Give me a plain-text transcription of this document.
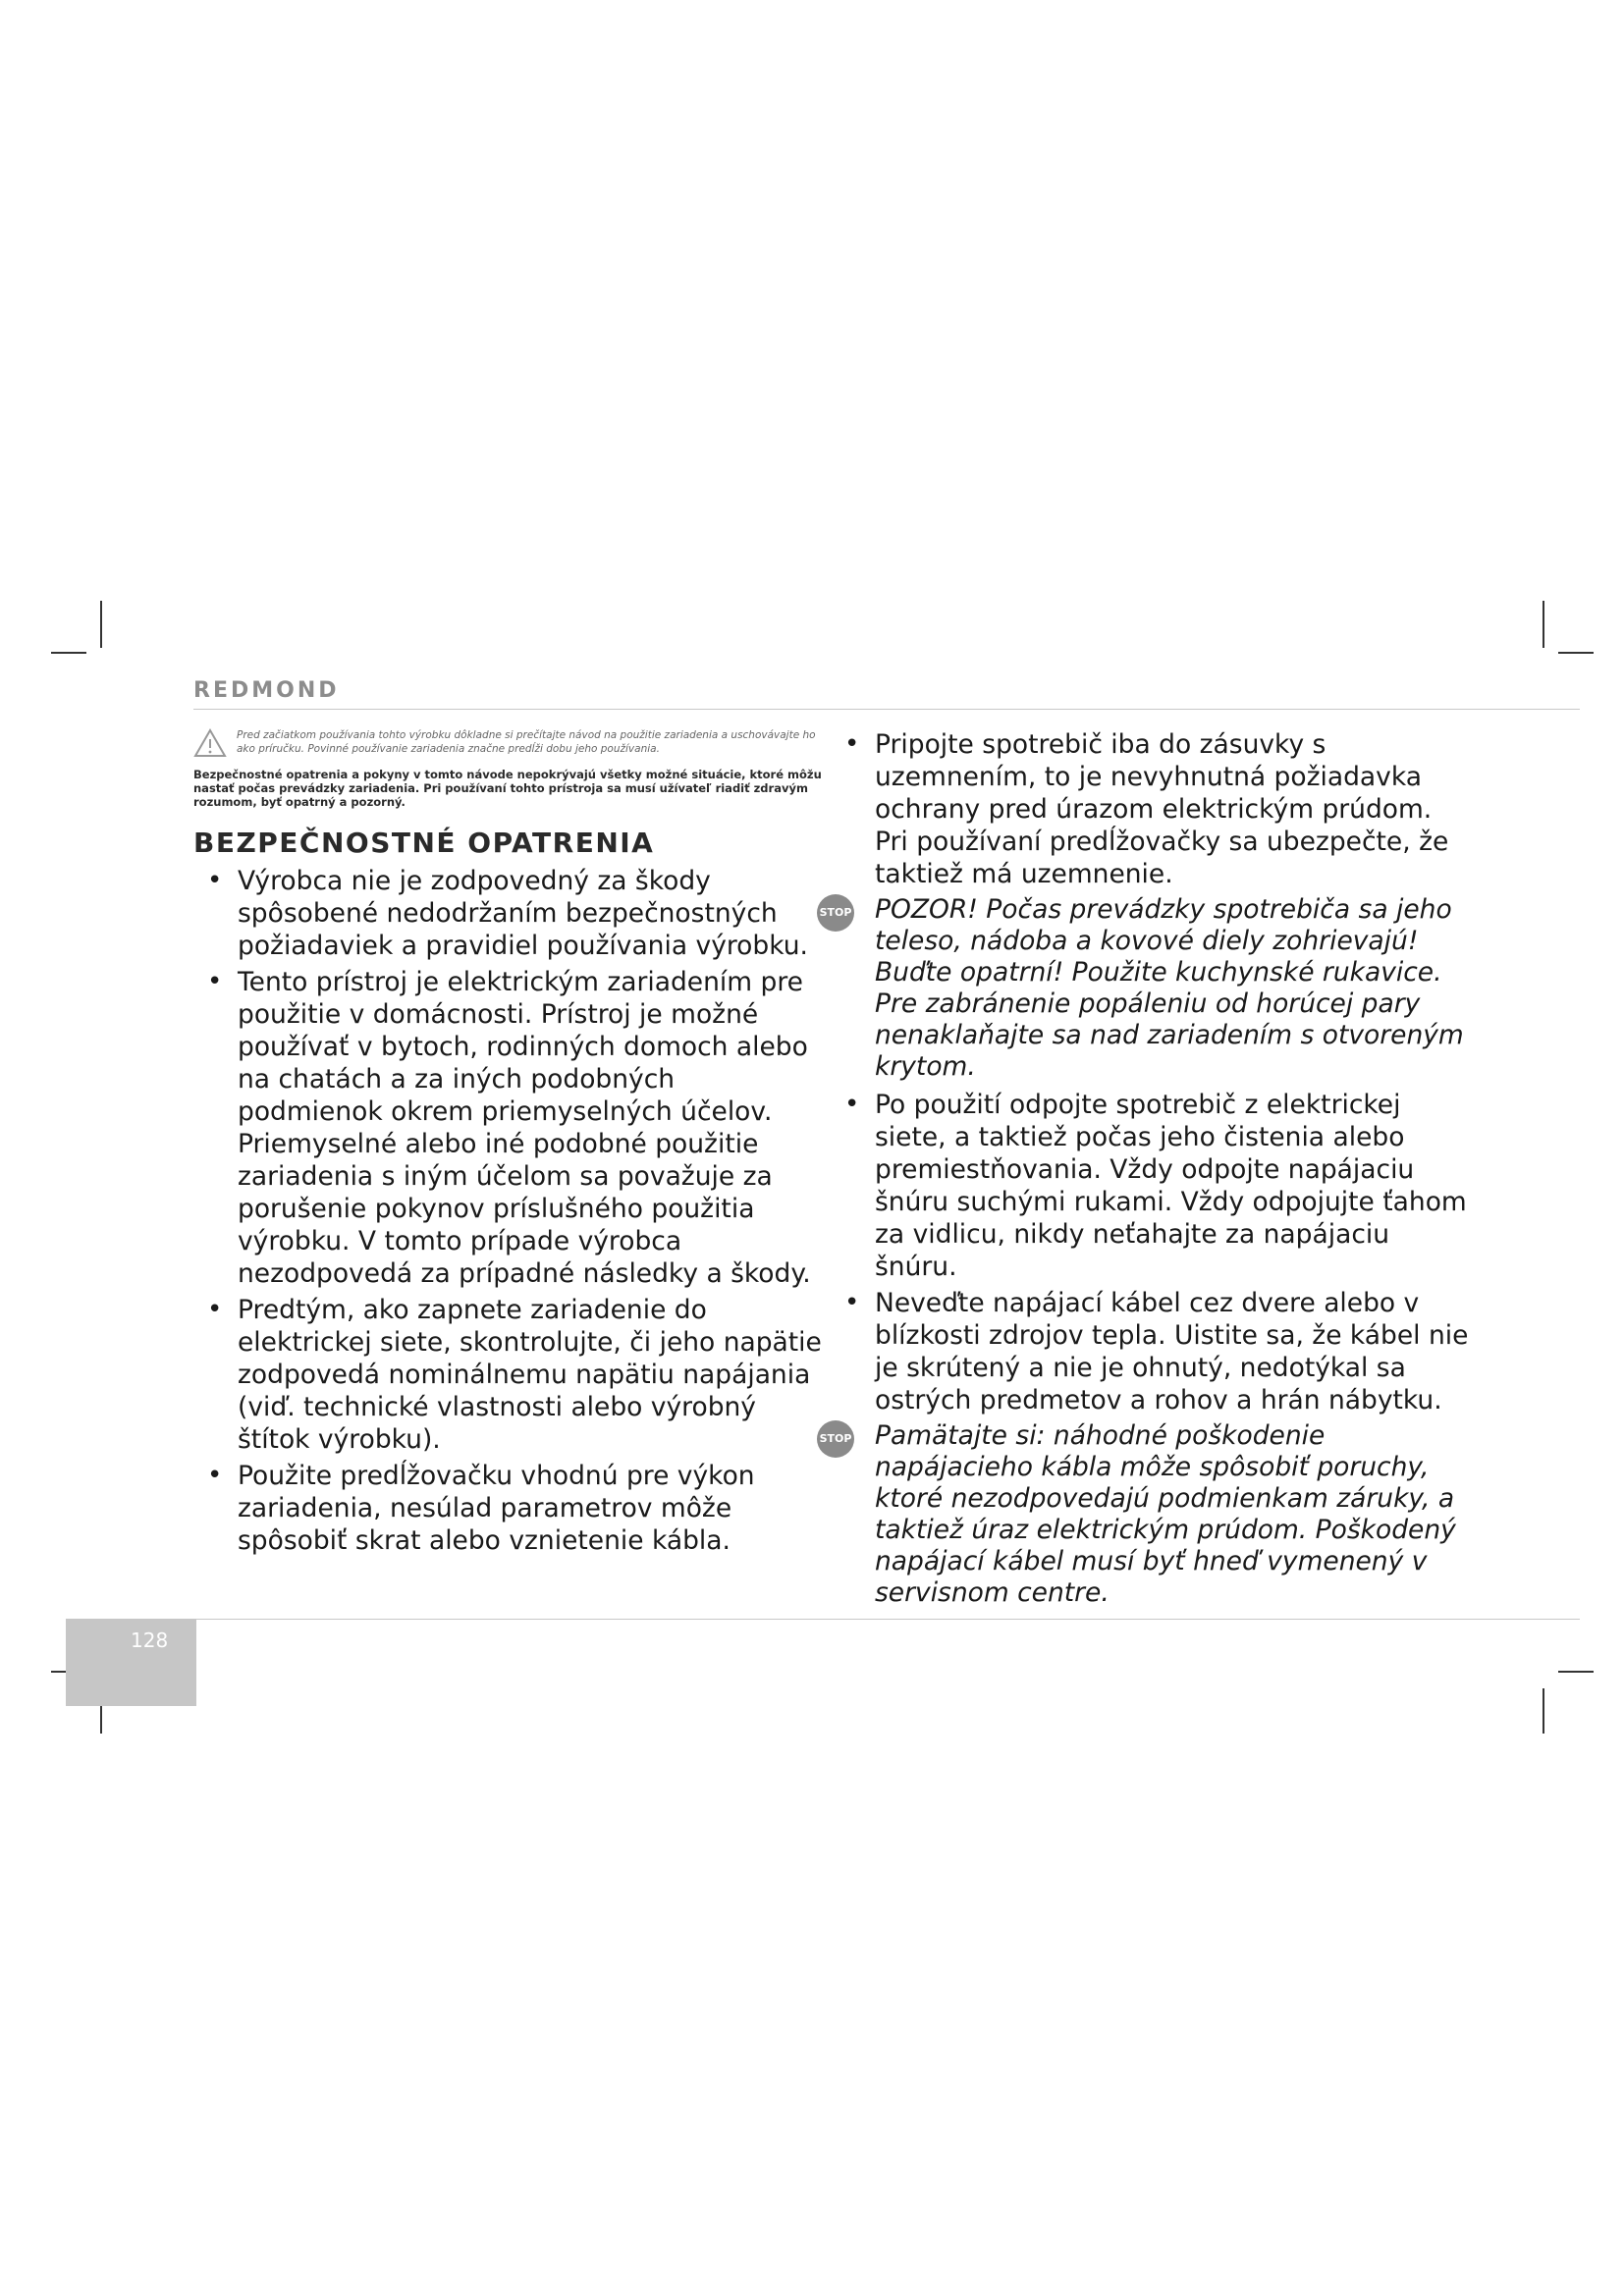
REDMOND
Pred začiatkom používania tohto výrobku dôkladne si prečítajte návod na použitie zariadenia a uschovávajte ho ako príručku. Povinné používanie zariadenia značne predĺži dobu jeho používania.
Bezpečnostné opatrenia a pokyny v tomto návode nepokrývajú všetky možné situácie, ktoré môžu nastať počas prevádzky zariadenia. Pri používaní tohto prístroja sa musí užívateľ riadiť zdravým rozumom, byť opatrný a pozorný.
BEZPEČNOSTNÉ OPATRENIA
• Výrobca nie je zodpovedný za škody spôsobené nedodržaním bezpečnostných požiadaviek a pravidiel používania výrobku.
• Tento prístroj je elektrickým zariadením pre použitie v domácnosti. Prístroj je možné používať v bytoch, rodinných domoch alebo na chatách a za iných podobných podmienok okrem priemyselných účelov. Priemyselné alebo iné podobné použitie zariadenia s iným účelom sa považuje za porušenie pokynov príslušného použitia výrobku. V tomto prípade výrobca nezodpovedá za prípadné následky a škody.
• Predtým, ako zapnete zariadenie do elektrickej siete, skontrolujte, či jeho napätie zodpovedá nominálnemu napätiu napájania (viď. technické vlastnosti alebo výrobný štítok výrobku).
• Použite predĺžovačku vhodnú pre výkon zariadenia, nesúlad parametrov môže spôsobiť skrat alebo vznietenie kábla.
• Pripojte spotrebič iba do zásuvky s uzemnením, to je nevyhnutná požiadavka ochrany pred úrazom elektrickým prúdom. Pri používaní predĺžovačky sa ubezpečte, že taktiež má uzemnenie.
STOP POZOR! Počas prevádzky spotrebiča sa jeho teleso, nádoba a kovové diely zohrievajú! Buďte opatrní! Použite kuchynské rukavice. Pre zabránenie popáleniu od horúcej pary nenaklaňajte sa nad zariadením s otvoreným krytom.
• Po použití odpojte spotrebič z elektrickej siete, a taktiež počas jeho čistenia alebo premiestňovania. Vždy odpojte napájaciu šnúru suchými rukami. Vždy odpojujte ťahom za vidlicu, nikdy neťahajte za napájaciu šnúru.
• Neveďte napájací kábel cez dvere alebo v blízkosti zdrojov tepla. Uistite sa, že kábel nie je skrútený a nie je ohnutý, nedotýkal sa ostrých predmetov a rohov a hrán nábytku.
STOP Pamätajte si: náhodné poškodenie napájacieho kábla môže spôsobiť poruchy, ktoré nezodpovedajú podmienkam záruky, a taktiež úraz elektrickým prúdom. Poškodený napájací kábel musí byť hneď vymenený v servisnom centre.
128
